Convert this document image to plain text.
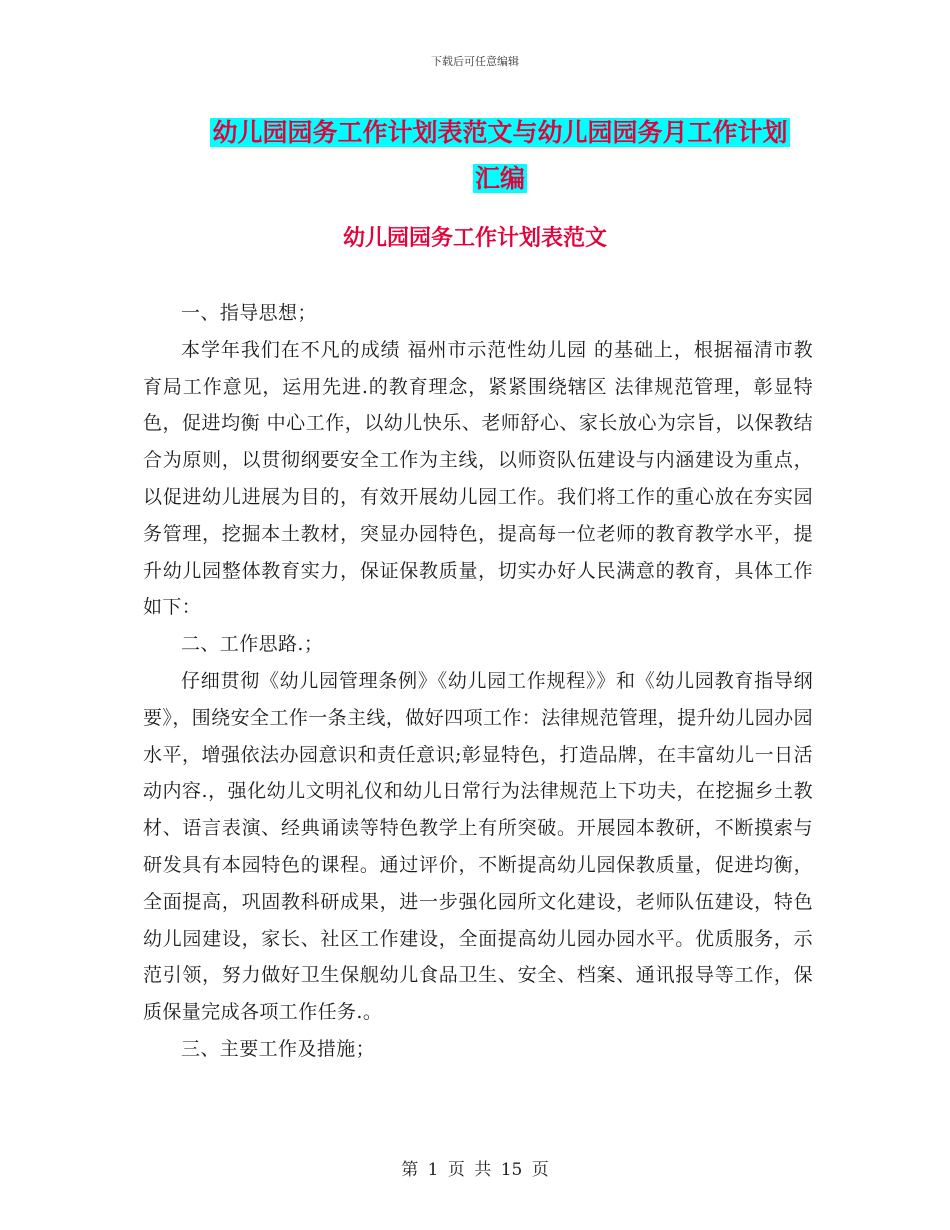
下载后可任意编辑
幼儿园园务工作计划表范文与幼儿园园务月工作计划
汇编
幼儿园园务工作计划表范文

一、指导思想；

本学年我们在不凡的成绩 福州市示范性幼儿园 的基础上，根据福清市教育局工作意见，运用先进.的教育理念，紧紧围绕辖区 法律规范管理，彰显特色，促进均衡 中心工作，以幼儿快乐、老师舒心、家长放心为宗旨，以保教结合为原则，以贯彻纲要安全工作为主线，以师资队伍建设与内涵建设为重点，以促进幼儿进展为目的，有效开展幼儿园工作。我们将工作的重心放在夯实园务管理，挖掘本土教材，突显办园特色，提高每一位老师的教育教学水平，提升幼儿园整体教育实力，保证保教质量，切实办好人民满意的教育，具体工作如下：

二、工作思路.；

仔细贯彻《幼儿园管理条例》《幼儿园工作规程》》和《幼儿园教育指导纲要》，围绕安全工作一条主线，做好四项工作：法律规范管理，提升幼儿园办园水平，增强依法办园意识和责任意识;彰显特色，打造品牌，在丰富幼儿一日活动内容.，强化幼儿文明礼仪和幼儿日常行为法律规范上下功夫，在挖掘乡土教材、语言表演、经典诵读等特色教学上有所突破。开展园本教研，不断摸索与研发具有本园特色的课程。通过评价，不断提高幼儿园保教质量，促进均衡，全面提高，巩固教科研成果，进一步强化园所文化建设，老师队伍建设，特色幼儿园建设，家长、社区工作建设，全面提高幼儿园办园水平。优质服务，示范引领，努力做好卫生保舰幼儿食品卫生、安全、档案、通讯报导等工作，保质保量完成各项工作任务.。

三、主要工作及措施；

第 1 页 共 15 页
